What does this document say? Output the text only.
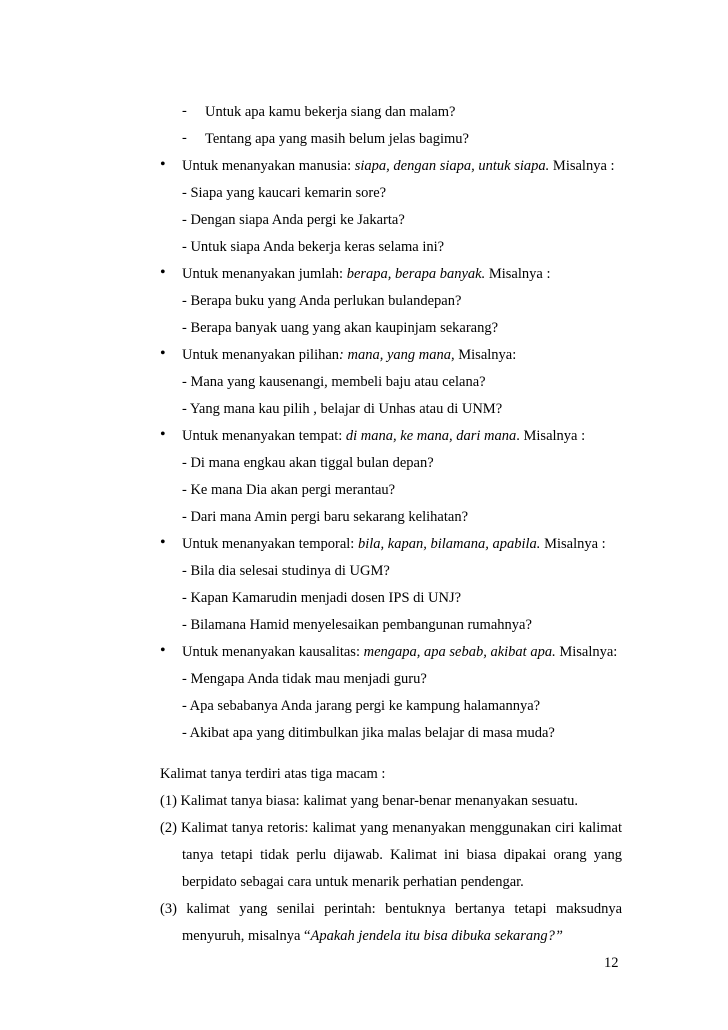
- Untuk apa kamu bekerja siang dan malam?
- Tentang apa yang masih belum jelas bagimu?
• Untuk menanyakan manusia: siapa, dengan siapa, untuk siapa. Misalnya :
- Siapa yang kaucari kemarin sore?
- Dengan siapa Anda pergi ke Jakarta?
- Untuk siapa Anda bekerja keras selama ini?
• Untuk menanyakan jumlah: berapa, berapa banyak. Misalnya :
- Berapa buku yang Anda perlukan bulandepan?
- Berapa banyak uang yang akan kaupinjam sekarang?
• Untuk menanyakan pilihan: mana, yang mana, Misalnya:
- Mana yang kausenangi, membeli baju atau celana?
- Yang mana kau pilih , belajar di Unhas atau di UNM?
• Untuk menanyakan tempat: di mana, ke mana, dari mana. Misalnya :
- Di mana engkau akan tiggal bulan depan?
- Ke mana Dia akan pergi merantau?
- Dari mana Amin pergi baru sekarang kelihatan?
• Untuk menanyakan temporal: bila, kapan, bilamana, apabila. Misalnya :
- Bila dia selesai studinya di UGM?
- Kapan Kamarudin menjadi dosen IPS di UNJ?
- Bilamana Hamid menyelesaikan pembangunan rumahnya?
• Untuk menanyakan kausalitas: mengapa, apa sebab, akibat apa. Misalnya:
- Mengapa Anda tidak mau menjadi guru?
- Apa sebabanya Anda jarang pergi ke kampung halamannya?
- Akibat apa yang ditimbulkan jika malas belajar di masa muda?
Kalimat tanya terdiri atas tiga macam :
(1) Kalimat tanya biasa: kalimat yang benar-benar menanyakan sesuatu.
(2) Kalimat tanya retoris: kalimat yang menanyakan menggunakan ciri kalimat
tanya tetapi tidak perlu dijawab. Kalimat ini biasa dipakai orang yang
berpidato sebagai cara untuk menarik perhatian pendengar.
(3) kalimat yang senilai perintah: bentuknya bertanya tetapi maksudnya
menyuruh, misalnya “Apakah jendela itu bisa dibuka sekarang?”
12
